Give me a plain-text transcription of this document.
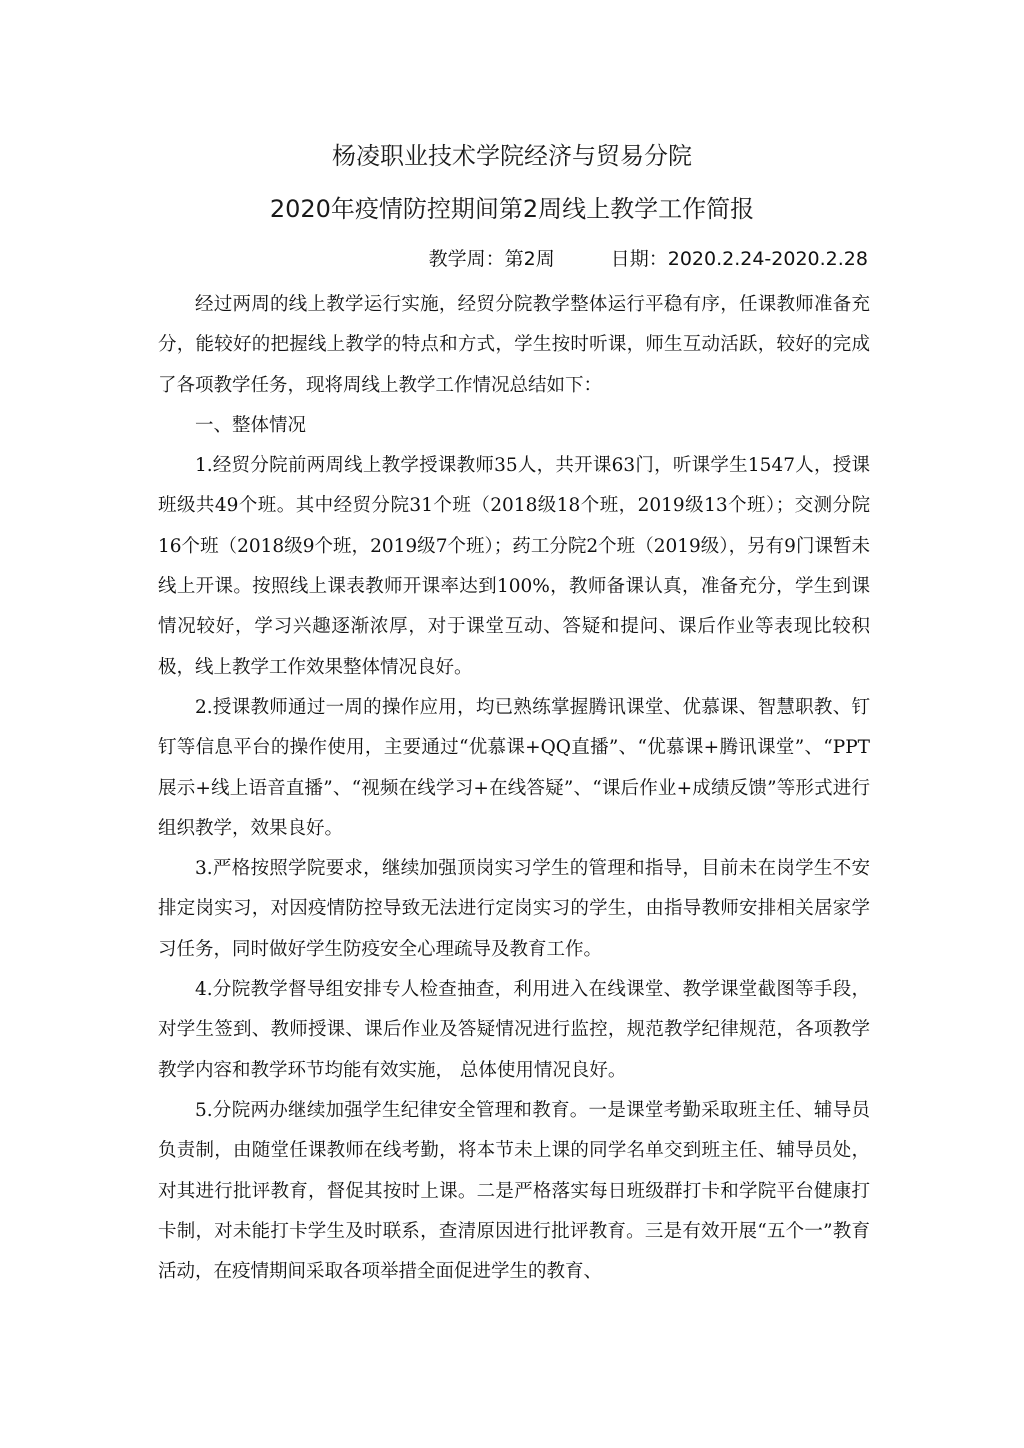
杨凌职业技术学院经济与贸易分院
2020年疫情防控期间第2周线上教学工作简报
教学周：第2周	日期：2020.2.24-2020.2.28

经过两周的线上教学运行实施，经贸分院教学整体运行平稳有序，任课教师准备充分，能较好的把握线上教学的特点和方式，学生按时听课，师生互动活跃，较好的完成了各项教学任务，现将周线上教学工作情况总结如下：

一、整体情况

1.经贸分院前两周线上教学授课教师35人，共开课63门，听课学生1547人，授课班级共49个班。其中经贸分院31个班（2018级18个班，2019级13个班）；交测分院16个班（2018级9个班，2019级7个班）；药工分院2个班（2019级），另有9门课暂未线上开课。按照线上课表教师开课率达到100%，教师备课认真，准备充分，学生到课情况较好，学习兴趣逐渐浓厚，对于课堂互动、答疑和提问、课后作业等表现比较积极，线上教学工作效果整体情况良好。

2.授课教师通过一周的操作应用，均已熟练掌握腾讯课堂、优慕课、智慧职教、钉钉等信息平台的操作使用，主要通过“优慕课+QQ直播”、“优慕课+腾讯课堂”、“PPT 展示+线上语音直播”、“视频在线学习+在线答疑”、“课后作业+成绩反馈”等形式进行组织教学，效果良好。

3.严格按照学院要求，继续加强顶岗实习学生的管理和指导，目前未在岗学生不安排定岗实习，对因疫情防控导致无法进行定岗实习的学生，由指导教师安排相关居家学习任务，同时做好学生防疫安全心理疏导及教育工作。

4.分院教学督导组安排专人检查抽查，利用进入在线课堂、教学课堂截图等手段，对学生签到、教师授课、课后作业及答疑情况进行监控，规范教学纪律规范，各项教学教学内容和教学环节均能有效实施， 总体使用情况良好。

5.分院两办继续加强学生纪律安全管理和教育。一是课堂考勤采取班主任、辅导员负责制，由随堂任课教师在线考勤，将本节未上课的同学名单交到班主任、辅导员处，对其进行批评教育，督促其按时上课。二是严格落实每日班级群打卡和学院平台健康打卡制，对未能打卡学生及时联系，查清原因进行批评教育。三是有效开展“五个一”教育活动，在疫情期间采取各项举措全面促进学生的教育、
